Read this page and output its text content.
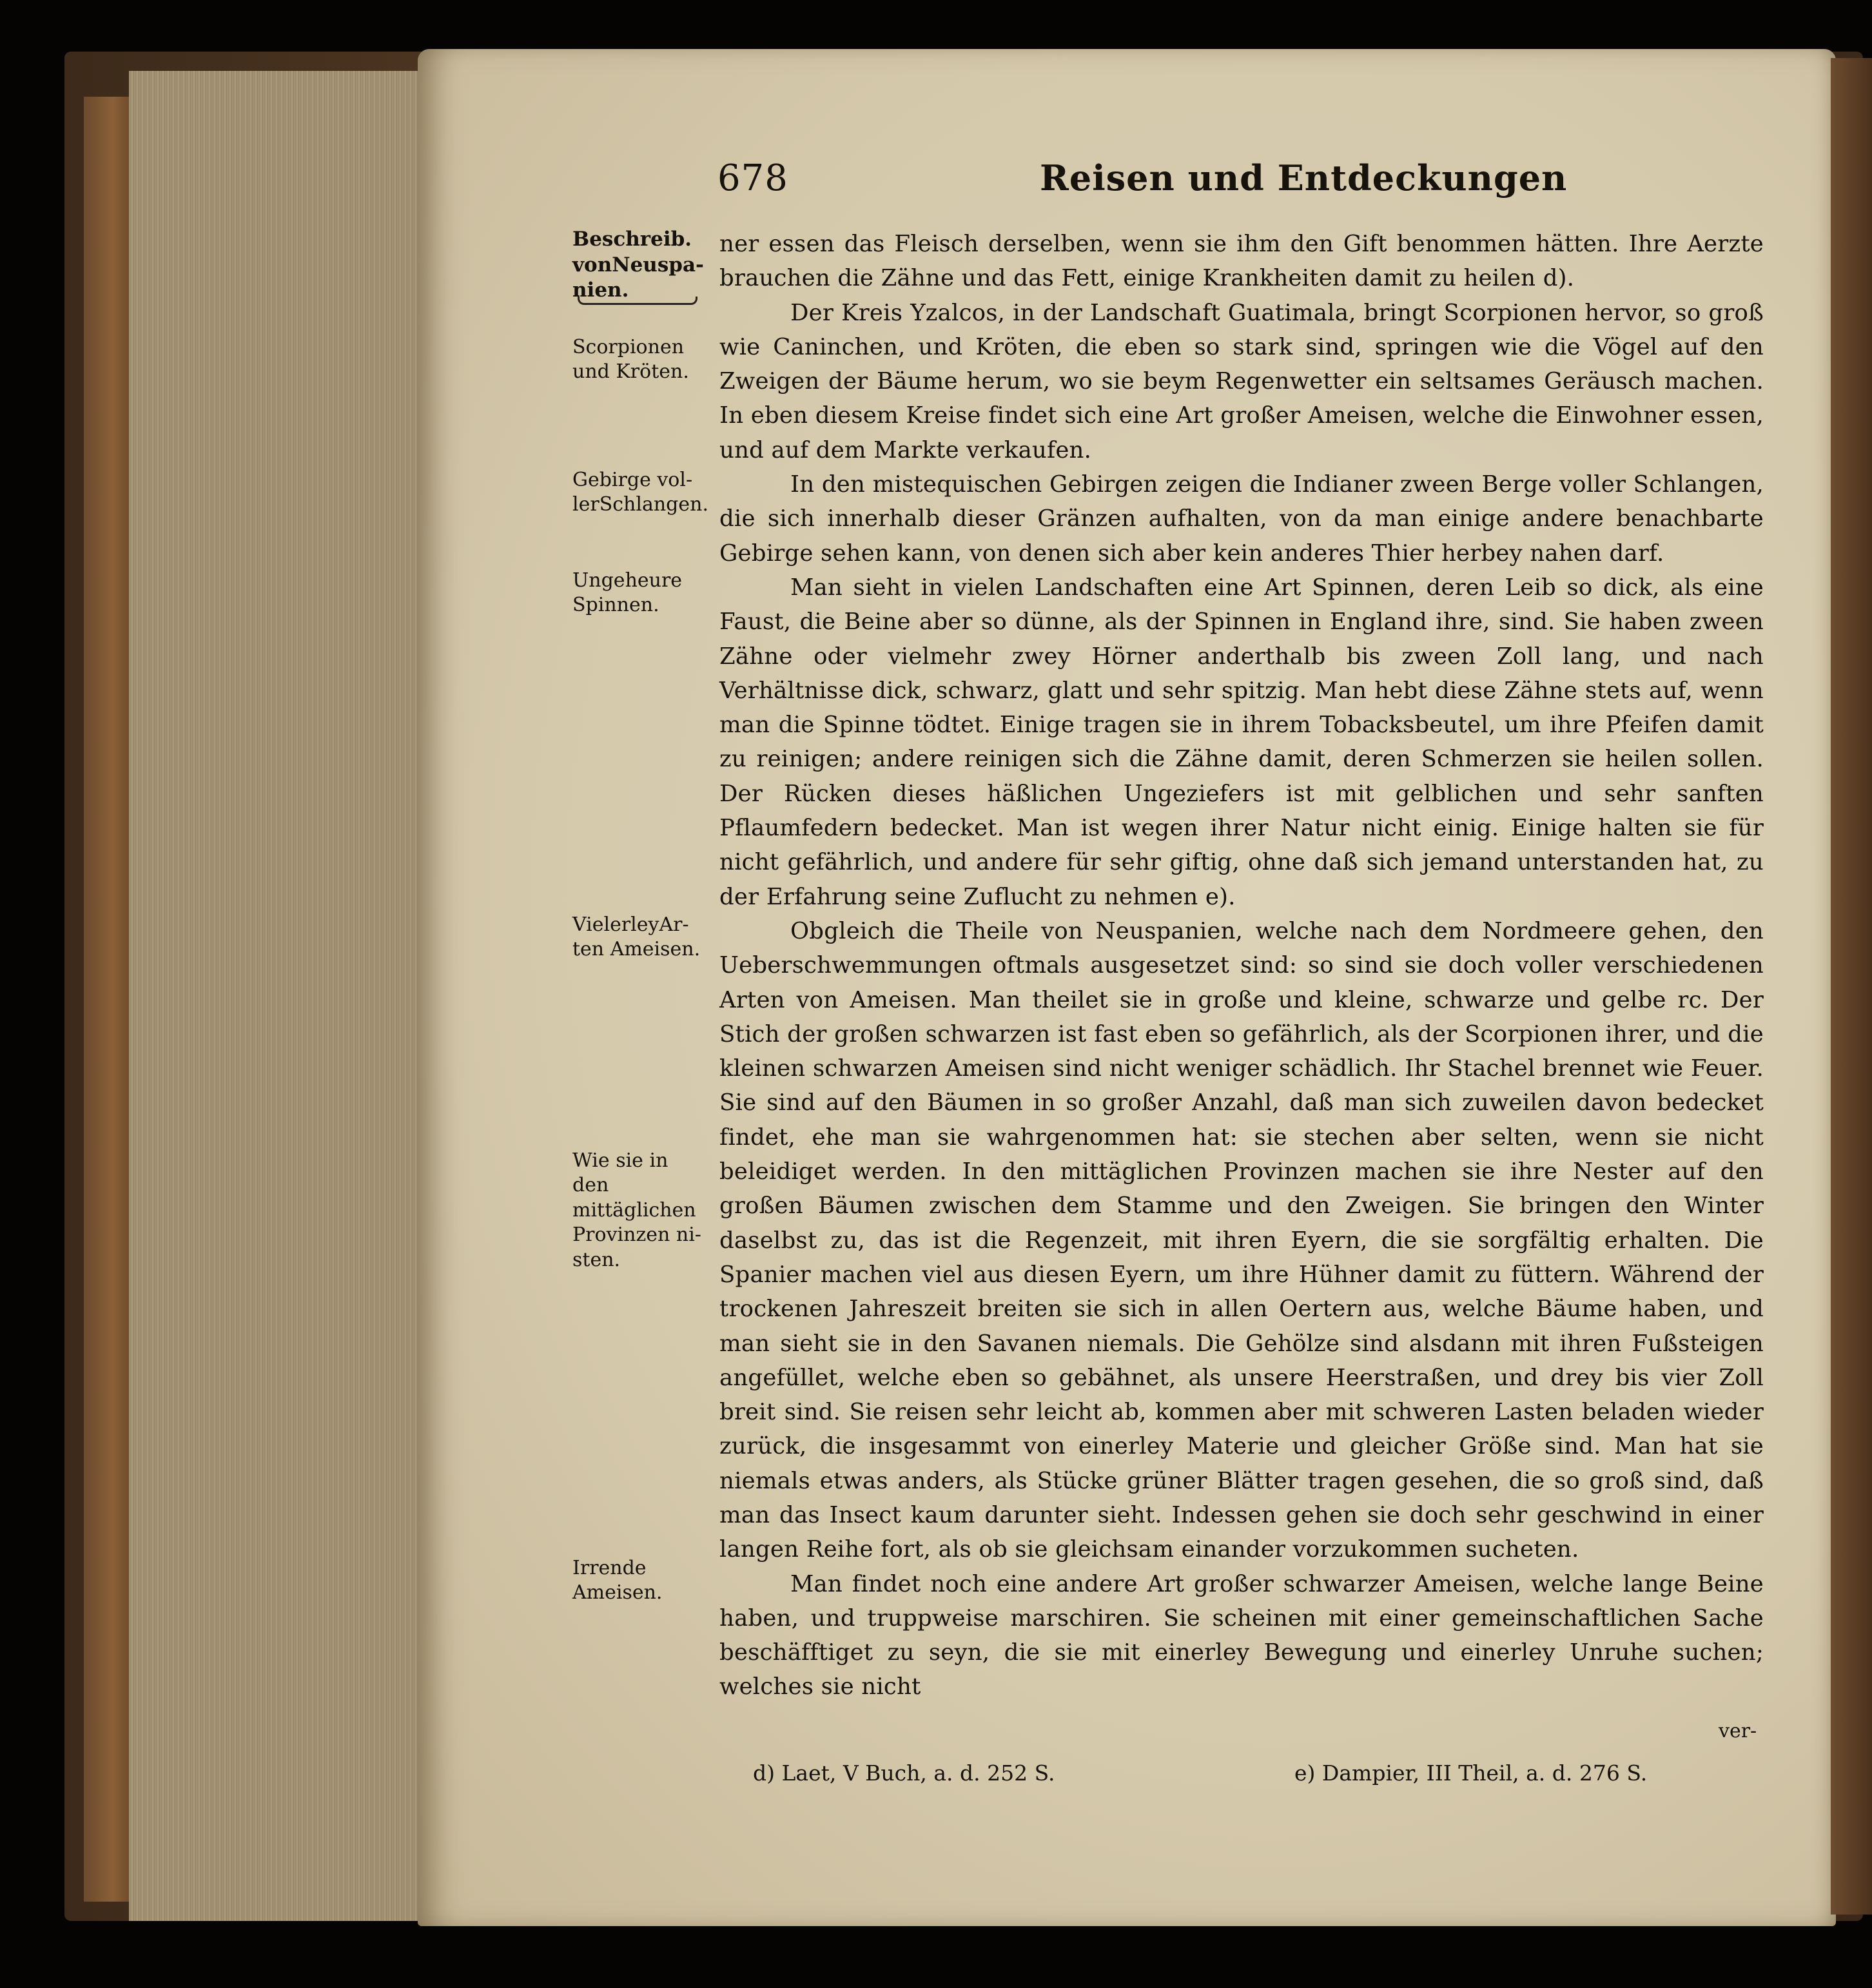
678	Reisen und Entdeckungen
Beschreib.
vonNeuspa-
nien.
Scorpionen
und Kröten.
Gebirge vol-
lerSchlangen.
Ungeheure
Spinnen.
VielerleyAr-
ten Ameisen.
Wie sie in den
mittäglichen
Provinzen ni-
sten.
Irrende
Ameisen.

ner essen das Fleisch derselben, wenn sie ihm den Gift benommen hätten. Ihre Aerzte brauchen die Zähne und das Fett, einige Krankheiten damit zu heilen d).

Der Kreis Yzalcos, in der Landschaft Guatimala, bringt Scorpionen hervor, so groß wie Caninchen, und Kröten, die eben so stark sind, springen wie die Vögel auf den Zweigen der Bäume herum, wo sie beym Regenwetter ein seltsames Geräusch machen. In eben diesem Kreise findet sich eine Art großer Ameisen, welche die Einwohner essen, und auf dem Markte verkaufen.

In den mistequischen Gebirgen zeigen die Indianer zween Berge voller Schlangen, die sich innerhalb dieser Gränzen aufhalten, von da man einige andere benachbarte Gebirge sehen kann, von denen sich aber kein anderes Thier herbey nahen darf.

Man sieht in vielen Landschaften eine Art Spinnen, deren Leib so dick, als eine Faust, die Beine aber so dünne, als der Spinnen in England ihre, sind. Sie haben zween Zähne oder vielmehr zwey Hörner anderthalb bis zween Zoll lang, und nach Verhältnisse dick, schwarz, glatt und sehr spitzig. Man hebt diese Zähne stets auf, wenn man die Spinne tödtet. Einige tragen sie in ihrem Tobacksbeutel, um ihre Pfeifen damit zu reinigen; andere reinigen sich die Zähne damit, deren Schmerzen sie heilen sollen. Der Rücken dieses häßlichen Ungeziefers ist mit gelblichen und sehr sanften Pflaumfedern bedecket. Man ist wegen ihrer Natur nicht einig. Einige halten sie für nicht gefährlich, und andere für sehr giftig, ohne daß sich jemand unterstanden hat, zu der Erfahrung seine Zuflucht zu nehmen e).

Obgleich die Theile von Neuspanien, welche nach dem Nordmeere gehen, den Ueberschwemmungen oftmals ausgesetzet sind: so sind sie doch voller verschiedenen Arten von Ameisen. Man theilet sie in große und kleine, schwarze und gelbe rc. Der Stich der großen schwarzen ist fast eben so gefährlich, als der Scorpionen ihrer, und die kleinen schwarzen Ameisen sind nicht weniger schädlich. Ihr Stachel brennet wie Feuer. Sie sind auf den Bäumen in so großer Anzahl, daß man sich zuweilen davon bedecket findet, ehe man sie wahrgenommen hat: sie stechen aber selten, wenn sie nicht beleidiget werden. In den mittäglichen Provinzen machen sie ihre Nester auf den großen Bäumen zwischen dem Stamme und den Zweigen. Sie bringen den Winter daselbst zu, das ist die Regenzeit, mit ihren Eyern, die sie sorgfältig erhalten. Die Spanier machen viel aus diesen Eyern, um ihre Hühner damit zu füttern. Während der trockenen Jahreszeit breiten sie sich in allen Oertern aus, welche Bäume haben, und man sieht sie in den Savanen niemals. Die Gehölze sind alsdann mit ihren Fußsteigen angefüllet, welche eben so gebähnet, als unsere Heerstraßen, und drey bis vier Zoll breit sind. Sie reisen sehr leicht ab, kommen aber mit schweren Lasten beladen wieder zurück, die insgesammt von einerley Materie und gleicher Größe sind. Man hat sie niemals etwas anders, als Stücke grüner Blätter tragen gesehen, die so groß sind, daß man das Insect kaum darunter sieht. Indessen gehen sie doch sehr geschwind in einer langen Reihe fort, als ob sie gleichsam einander vorzukommen sucheten.

Man findet noch eine andere Art großer schwarzer Ameisen, welche lange Beine haben, und truppweise marschiren. Sie scheinen mit einer gemeinschaftlichen Sache beschäfftiget zu seyn, die sie mit einerley Bewegung und einerley Unruhe suchen; welches sie nicht

ver-
d) Laet, V Buch, a. d. 252 S.	e) Dampier, III Theil, a. d. 276 S.
